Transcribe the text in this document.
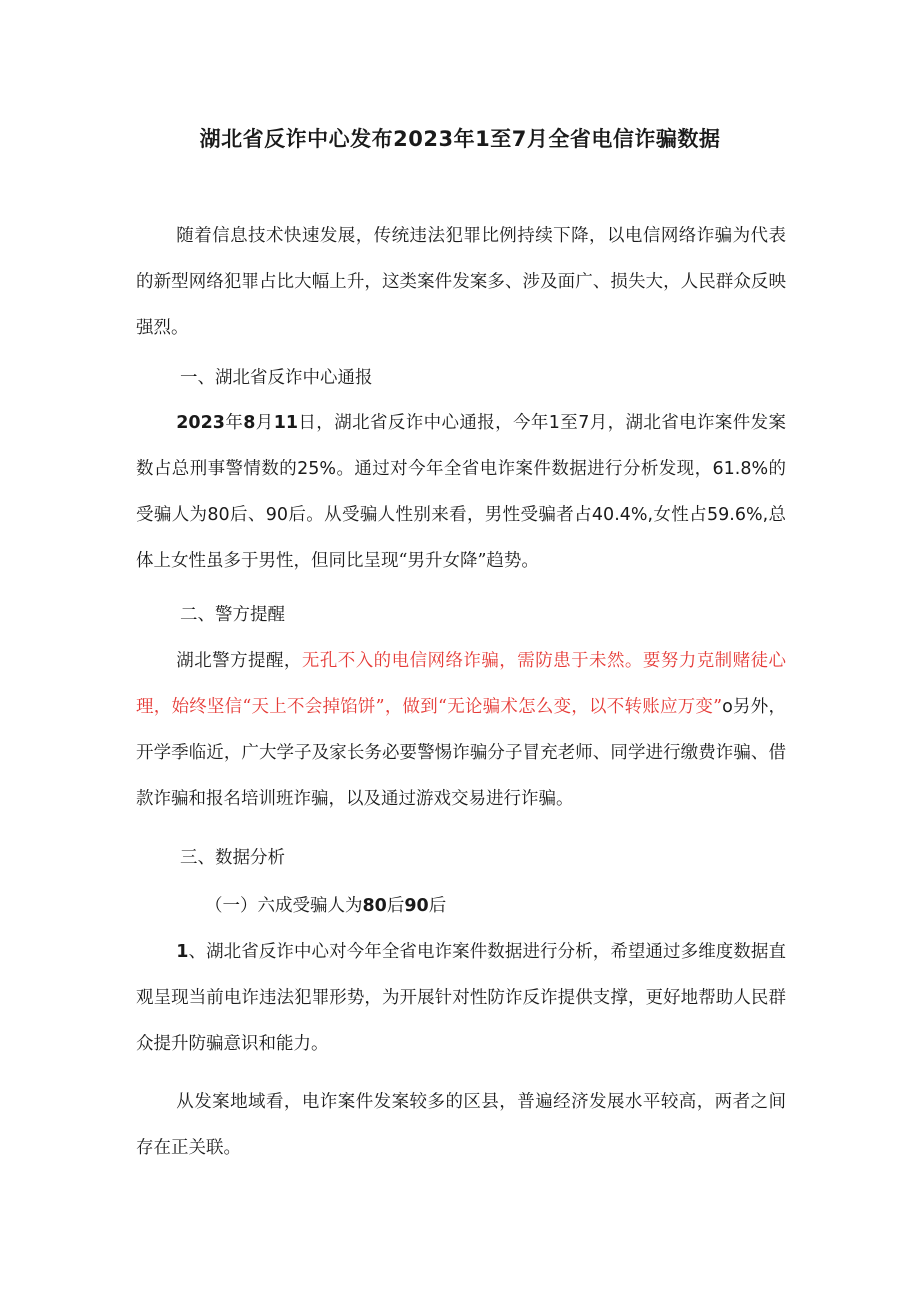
湖北省反诈中心发布2023年1至7月全省电信诈骗数据

随着信息技术快速发展，传统违法犯罪比例持续下降，以电信网络诈骗为代表的新型网络犯罪占比大幅上升，这类案件发案多、涉及面广、损失大，人民群众反映强烈。

一、湖北省反诈中心通报

2023年8月11日，湖北省反诈中心通报，今年1至7月，湖北省电诈案件发案数占总刑事警情数的25%。通过对今年全省电诈案件数据进行分析发现，61.8%的受骗人为80后、90后。从受骗人性别来看，男性受骗者占40.4%,女性占59.6%,总体上女性虽多于男性，但同比呈现“男升女降”趋势。

二、警方提醒

湖北警方提醒，无孔不入的电信网络诈骗，需防患于未然。要努力克制赌徒心理，始终坚信“天上不会掉馅饼”，做到“无论骗术怎么变，以不转账应万变”o另外，开学季临近，广大学子及家长务必要警惕诈骗分子冒充老师、同学进行缴费诈骗、借款诈骗和报名培训班诈骗，以及通过游戏交易进行诈骗。

三、数据分析

（一）六成受骗人为80后90后

1、湖北省反诈中心对今年全省电诈案件数据进行分析，希望通过多维度数据直观呈现当前电诈违法犯罪形势，为开展针对性防诈反诈提供支撑，更好地帮助人民群众提升防骗意识和能力。

从发案地域看，电诈案件发案较多的区县，普遍经济发展水平较高，两者之间存在正关联。
